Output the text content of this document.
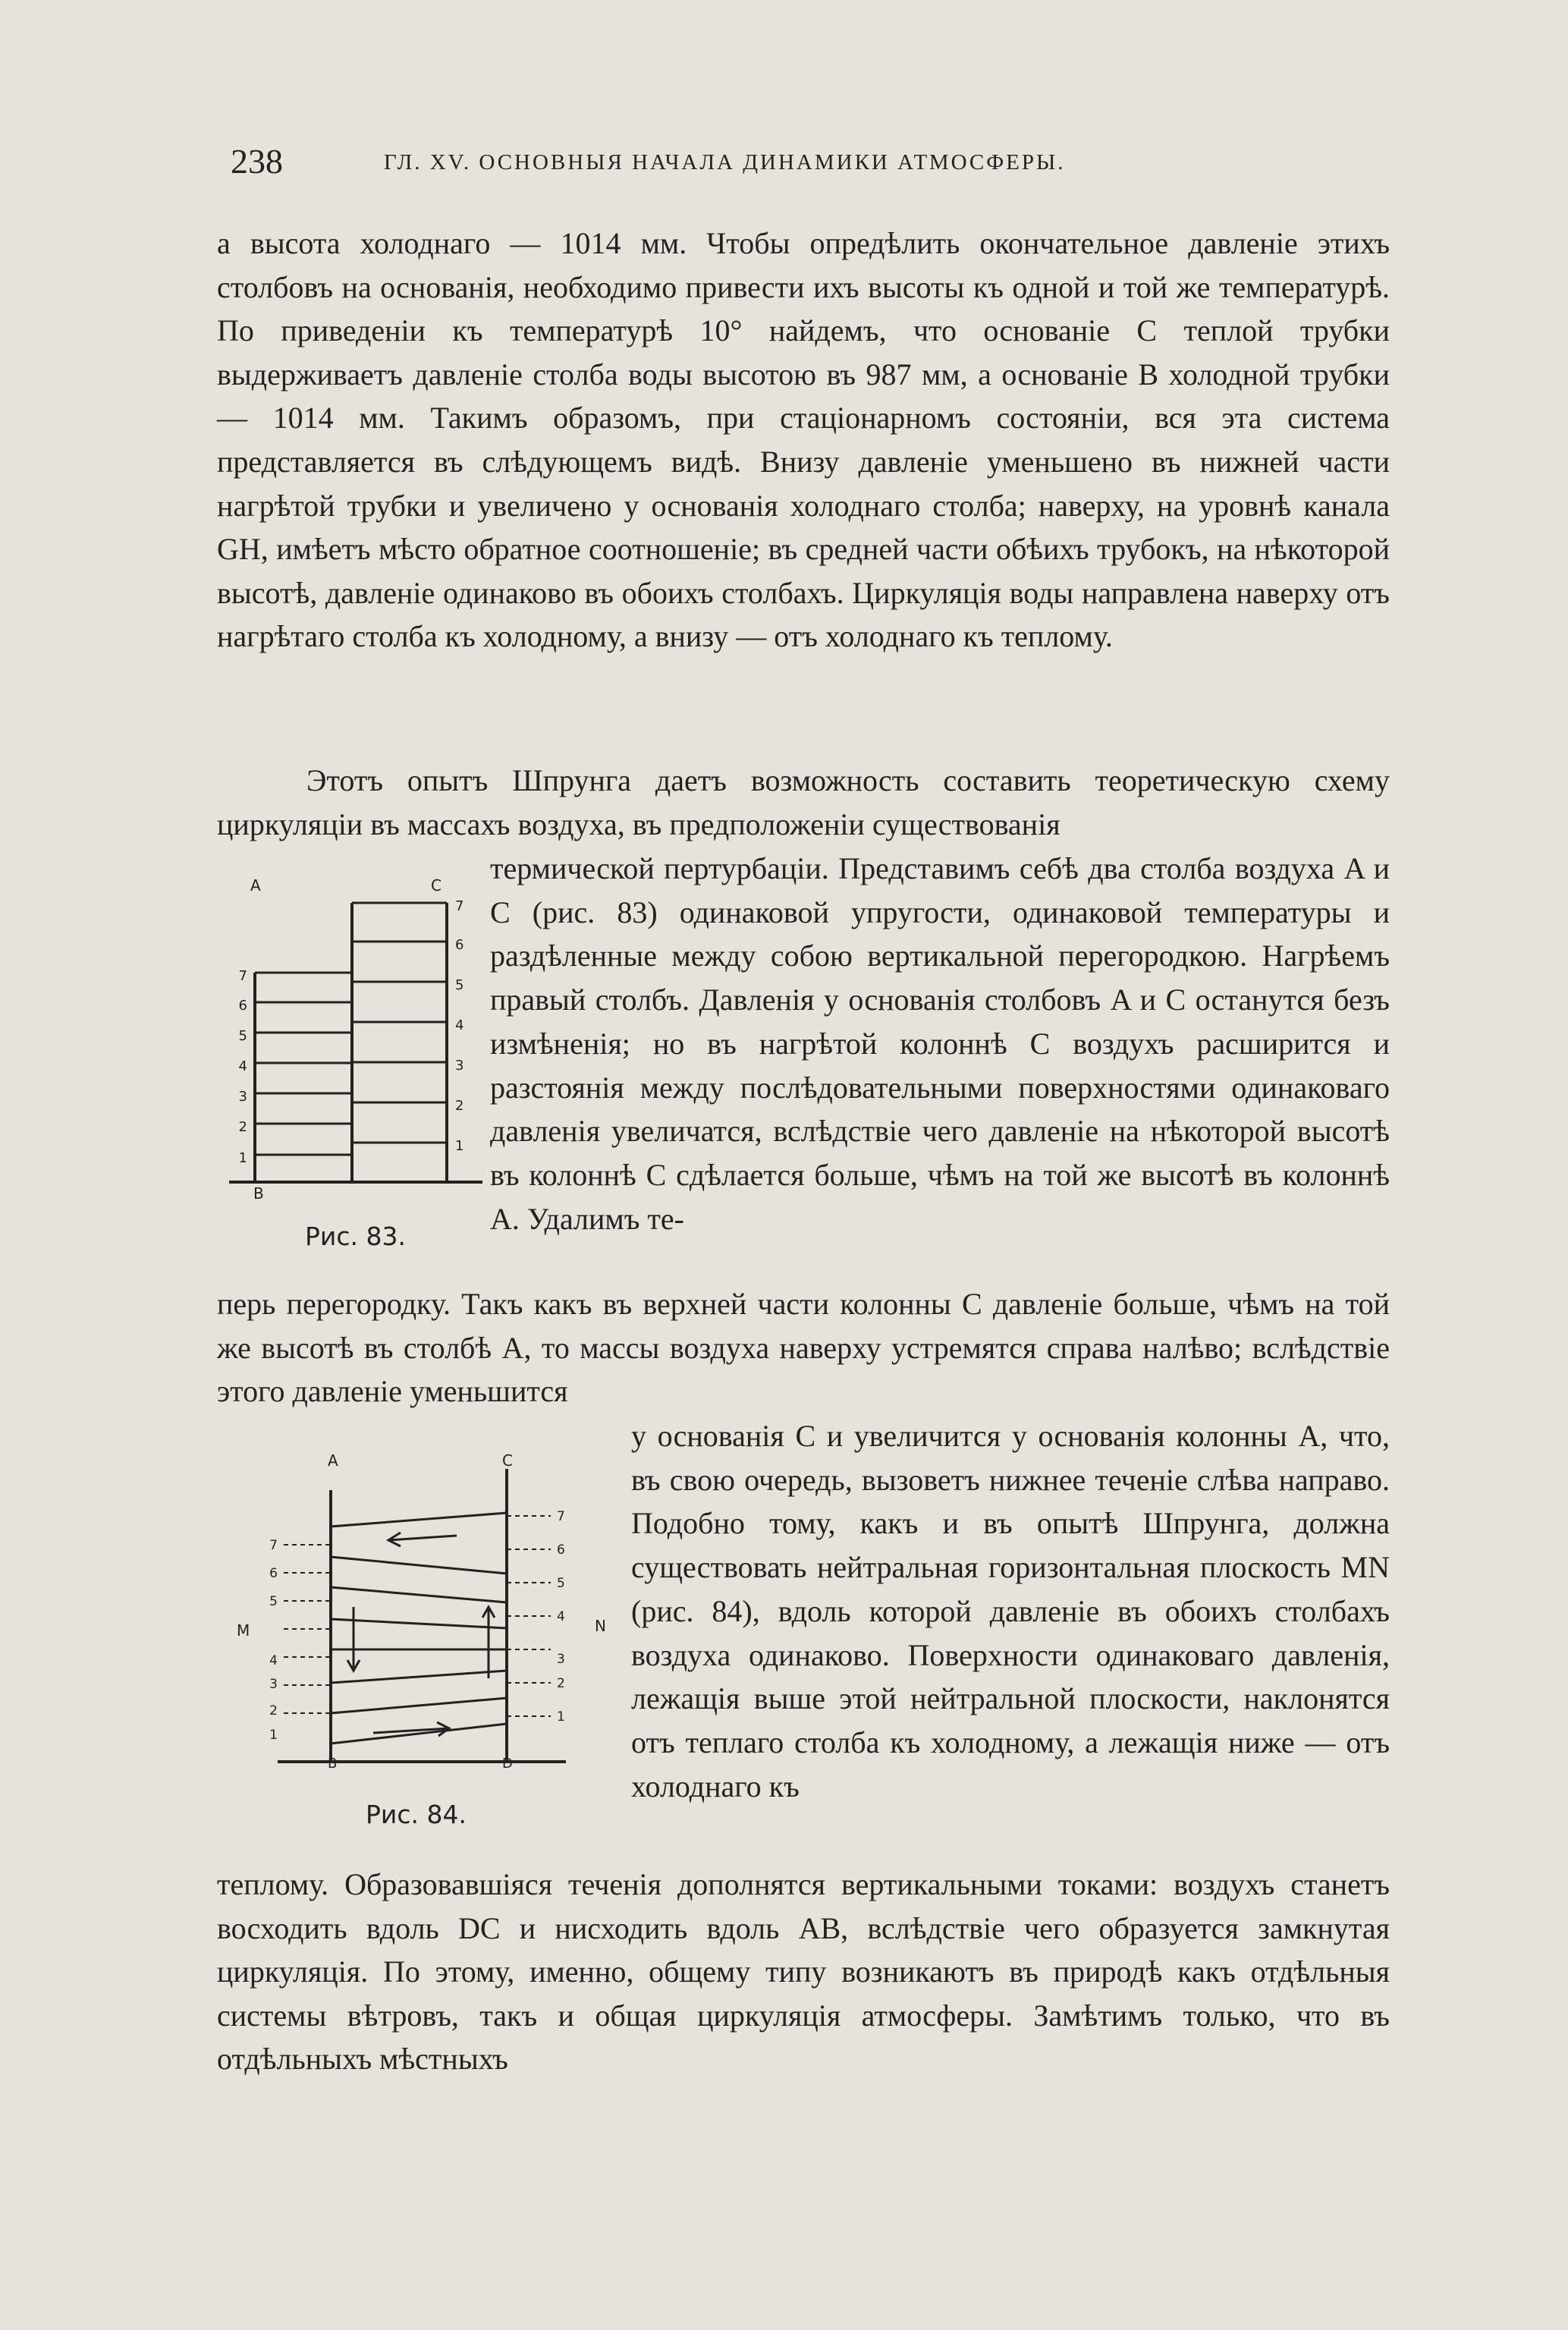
238	ГЛ. XV. ОСНОВНЫЯ НАЧАЛА ДИНАМИКИ АТМОСФЕРЫ.

а высота холоднаго — 1014 мм. Чтобы опредѣлить окончательное давленіе этихъ столбовъ на основанія, необходимо привести ихъ высоты къ одной и той же температурѣ. По приведеніи къ температурѣ 10° найдемъ, что основаніе C теплой трубки выдерживаетъ давленіе столба воды высотою въ 987 мм, а основаніе B холодной трубки — 1014 мм. Такимъ образомъ, при стаціонарномъ состояніи, вся эта система представляется въ слѣдующемъ видѣ. Внизу давленіе уменьшено въ нижней части нагрѣтой трубки и увеличено у основанія холоднаго столба; наверху, на уровнѣ канала GH, имѣетъ мѣсто обратное соотношеніе; въ средней части обѣихъ трубокъ, на нѣкоторой высотѣ, давленіе одинаково въ обоихъ столбахъ. Циркуляція воды направлена наверху отъ нагрѣтаго столба къ холодному, а внизу — отъ холоднаго къ теплому.

Этотъ опытъ Шпрунга даетъ возможность составить теоретическую схему циркуляціи въ массахъ воздуха, въ предположеніи существованія

термической пертурбаціи. Представимъ себѣ два столба воздуха A и C (рис. 83) одинаковой упругости, одинаковой температуры и раздѣленные между собою вертикальной перегородкою. Нагрѣемъ правый столбъ. Давленія у основанія столбовъ A и C останутся безъ измѣненія; но въ нагрѣтой колоннѣ C воздухъ расширится и разстоянія между послѣдовательными поверхностями одинаковаго давленія увеличатся, вслѣдствіе чего давленіе на нѣкоторой высотѣ въ колоннѣ C сдѣлается больше, чѣмъ на той же высотѣ въ колоннѣ A. Удалимъ те-

перь перегородку. Такъ какъ въ верхней части колонны C давленіе больше, чѣмъ на той же высотѣ въ столбѣ A, то массы воздуха наверху устремятся справа налѣво; вслѣдствіе этого давленіе уменьшится

у основанія C и увеличится у основанія колонны A, что, въ свою очередь, вызоветъ нижнее теченіе слѣва направо. Подобно тому, какъ и въ опытѣ Шпрунга, должна существовать нейтральная горизонтальная плоскость MN (рис. 84), вдоль которой давленіе въ обоихъ столбахъ воздуха одинаково. Поверхности одинаковаго давленія, лежащія выше этой нейтральной плоскости, наклонятся отъ теплаго столба къ холодному, а лежащія ниже — отъ холоднаго къ

теплому. Образовавшіяся теченія дополнятся вертикальными токами: воздухъ станетъ восходить вдоль DC и нисходить вдоль AB, вслѣдствіе чего образуется замкнутая циркуляція. По этому, именно, общему типу возникаютъ въ природѣ какъ отдѣльныя системы вѣтровъ, такъ и общая циркуляція атмосферы. Замѣтимъ только, что въ отдѣльныхъ мѣстныхъ

A	C
1
2
3
4
5
6
7
1
2
3
4
5
6
7
B
Рис. 83.
A	C
7
6
5
4
3
2
1
1
2
3
4
5
6
7
M	N
B	D
Рис. 84.
